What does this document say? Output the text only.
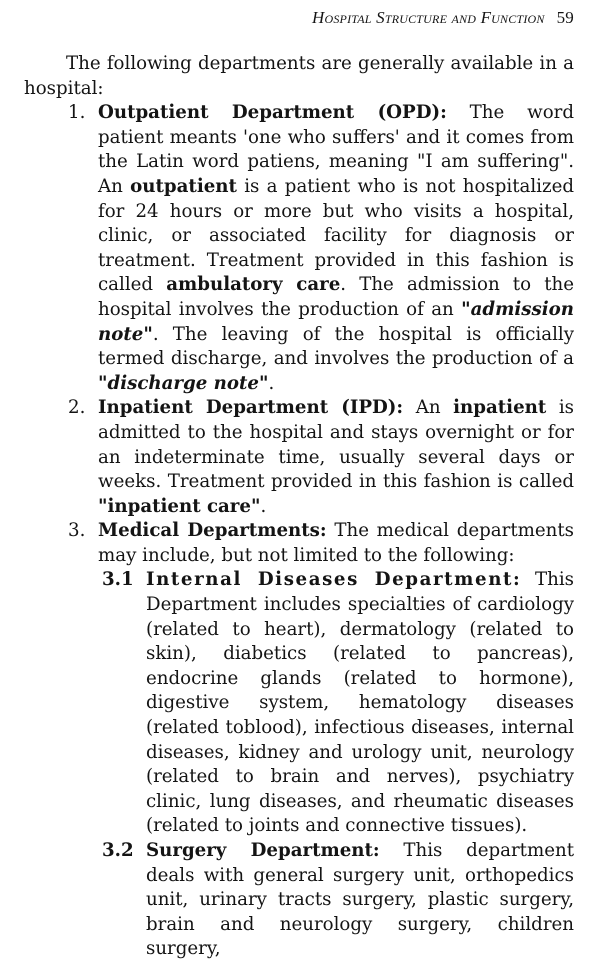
Hospital Structure and Function 59

The following departments are generally available in a hospital:

1. Outpatient Department (OPD): The word patient meants 'one who suffers' and it comes from the Latin word patiens, meaning "I am suffering". An outpatient is a patient who is not hospitalized for 24 hours or more but who visits a hospital, clinic, or associated facility for diagnosis or treatment. Treatment provided in this fashion is called ambulatory care. The admission to the hospital involves the production of an "admission note". The leaving of the hospital is officially termed discharge, and involves the production of a "discharge note".

2. Inpatient Department (IPD): An inpatient is admitted to the hospital and stays overnight or for an indeterminate time, usually several days or weeks. Treatment provided in this fashion is called "inpatient care".

3. Medical Departments: The medical departments may include, but not limited to the following:

3.1 Internal Diseases Department: This Department includes specialties of cardiology (related to heart), dermatology (related to skin), diabetics (related to pancreas), endocrine glands (related to hormone), digestive system, hematology diseases (related toblood), infectious diseases, internal diseases, kidney and urology unit, neurology (related to brain and nerves), psychiatry clinic, lung diseases, and rheumatic diseases (related to joints and connective tissues).

3.2 Surgery Department: This department deals with general surgery unit, orthopedics unit, urinary tracts surgery, plastic surgery, brain and neurology surgery, children surgery,
